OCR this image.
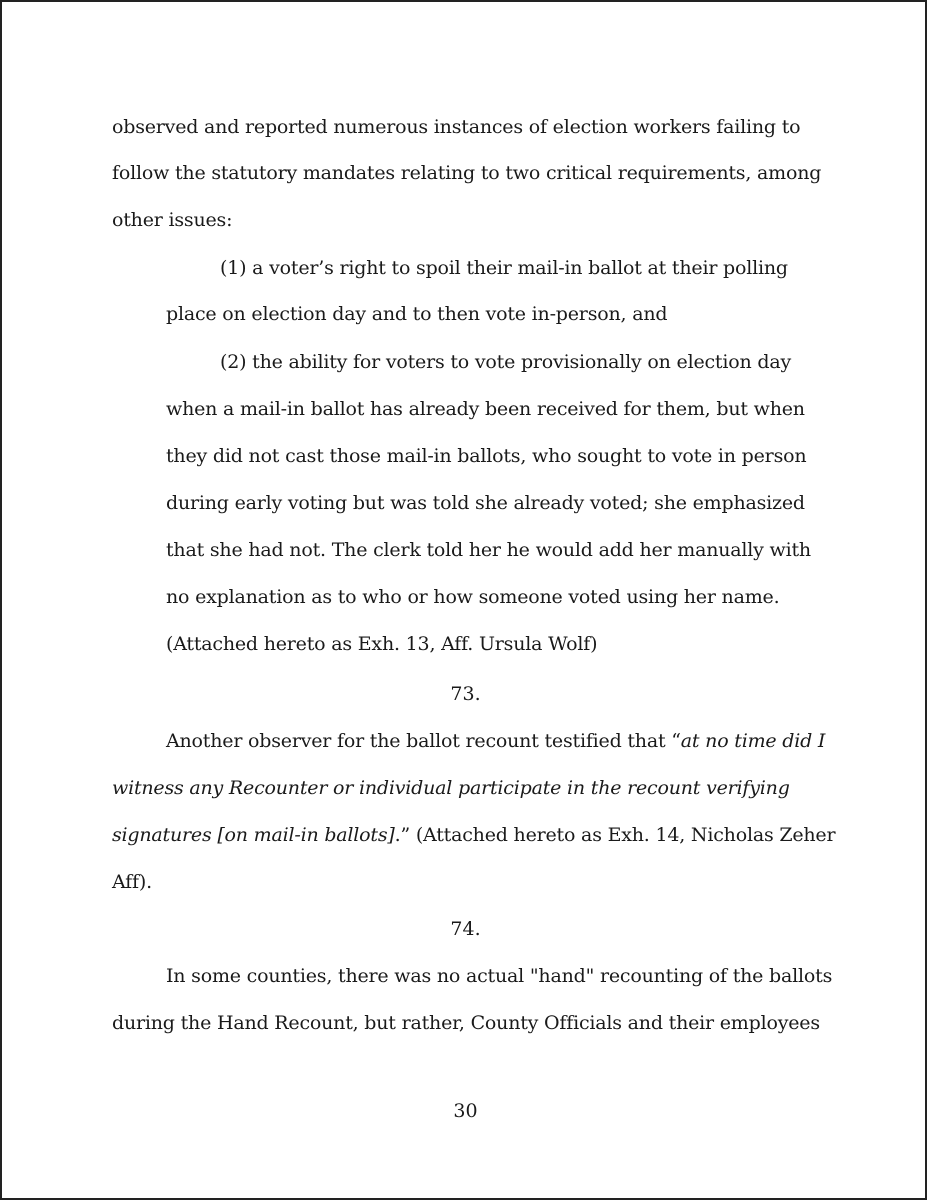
observed and reported numerous instances of election workers failing to
follow the statutory mandates relating to two critical requirements, among
other issues:
(1) a voter’s right to spoil their mail-in ballot at their polling
place on election day and to then vote in-person, and
(2) the ability for voters to vote provisionally on election day
when a mail-in ballot has already been received for them, but when
they did not cast those mail-in ballots, who sought to vote in person
during early voting but was told she already voted; she emphasized
that she had not. The clerk told her he would add her manually with
no explanation as to who or how someone voted using her name.
(Attached hereto as Exh. 13, Aff. Ursula Wolf)
73.
Another observer for the ballot recount testified that “at no time did I
witness any Recounter or individual participate in the recount verifying
signatures [on mail-in ballots].” (Attached hereto as Exh. 14, Nicholas Zeher
Aff).
74.
In some counties, there was no actual "hand" recounting of the ballots
during the Hand Recount, but rather, County Officials and their employees
30
